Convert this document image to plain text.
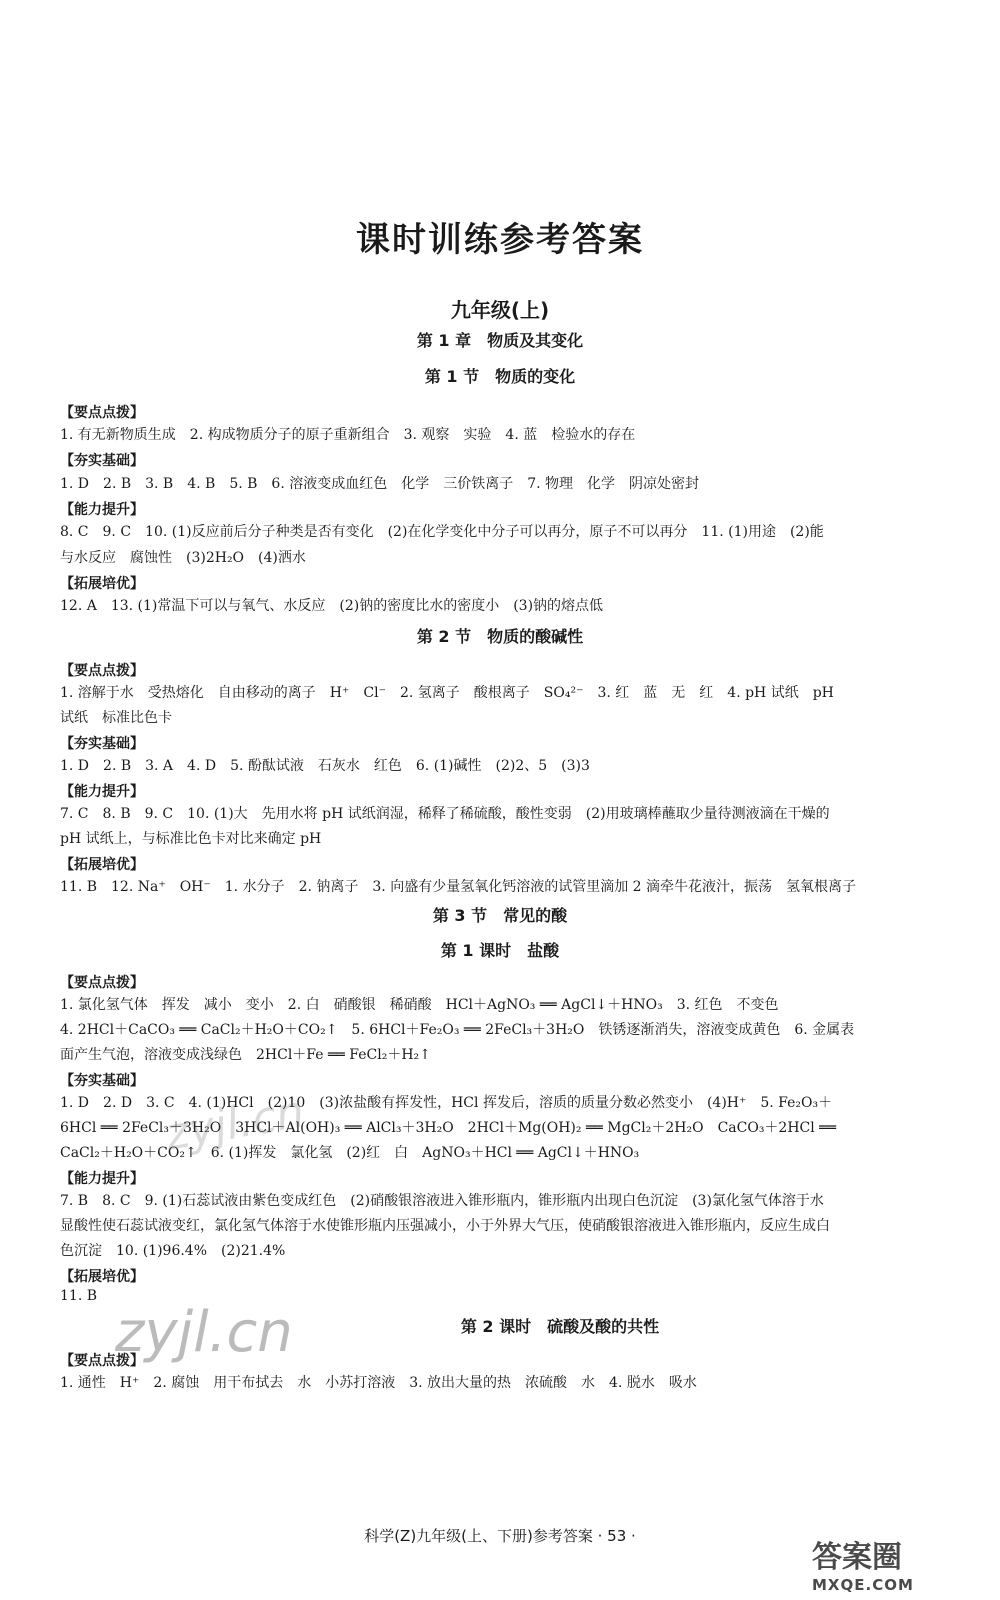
课时训练参考答案
九年级(上)
第 1 章　物质及其变化
第 1 节　物质的变化
【要点点拨】
1. 有无新物质生成　2. 构成物质分子的原子重新组合　3. 观察　实验　4. 蓝　检验水的存在
【夯实基础】
1. D　2. B　3. B　4. B　5. B　6. 溶液变成血红色　化学　三价铁离子　7. 物理　化学　阴凉处密封
【能力提升】
8. C　9. C　10. (1)反应前后分子种类是否有变化　(2)在化学变化中分子可以再分，原子不可以再分　11. (1)用途　(2)能
与水反应　腐蚀性　(3)2H₂O　(4)洒水
【拓展培优】
12. A　13. (1)常温下可以与氧气、水反应　(2)钠的密度比水的密度小　(3)钠的熔点低
第 2 节　物质的酸碱性
【要点点拨】
1. 溶解于水　受热熔化　自由移动的离子　H⁺　Cl⁻　2. 氢离子　酸根离子　SO₄²⁻　3. 红　蓝　无　红　4. pH 试纸　pH
试纸　标准比色卡
【夯实基础】
1. D　2. B　3. A　4. D　5. 酚酞试液　石灰水　红色　6. (1)碱性　(2)2、5　(3)3
【能力提升】
7. C　8. B　9. C　10. (1)大　先用水将 pH 试纸润湿，稀释了稀硫酸，酸性变弱　(2)用玻璃棒蘸取少量待测液滴在干燥的
pH 试纸上，与标准比色卡对比来确定 pH
【拓展培优】
11. B　12. Na⁺　OH⁻　1. 水分子　2. 钠离子　3. 向盛有少量氢氧化钙溶液的试管里滴加 2 滴牵牛花液汁，振荡　氢氧根离子
第 3 节　常见的酸
第 1 课时　盐酸
【要点点拨】
1. 氯化氢气体　挥发　减小　变小　2. 白　硝酸银　稀硝酸　HCl＋AgNO₃ ══ AgCl↓＋HNO₃　3. 红色　不变色
4. 2HCl＋CaCO₃ ══ CaCl₂＋H₂O＋CO₂↑　5. 6HCl＋Fe₂O₃ ══ 2FeCl₃＋3H₂O　铁锈逐渐消失，溶液变成黄色　6. 金属表
面产生气泡，溶液变成浅绿色　2HCl＋Fe ══ FeCl₂＋H₂↑
【夯实基础】
1. D　2. D　3. C　4. (1)HCl　(2)10　(3)浓盐酸有挥发性，HCl 挥发后，溶质的质量分数必然变小　(4)H⁺　5. Fe₂O₃＋
6HCl ══ 2FeCl₃＋3H₂O　3HCl＋Al(OH)₃ ══ AlCl₃＋3H₂O　2HCl＋Mg(OH)₂ ══ MgCl₂＋2H₂O　CaCO₃＋2HCl ══
CaCl₂＋H₂O＋CO₂↑　6. (1)挥发　氯化氢　(2)红　白　AgNO₃＋HCl ══ AgCl↓＋HNO₃
【能力提升】
7. B　8. C　9. (1)石蕊试液由紫色变成红色　(2)硝酸银溶液进入锥形瓶内，锥形瓶内出现白色沉淀　(3)氯化氢气体溶于水
显酸性使石蕊试液变红，氯化氢气体溶于水使锥形瓶内压强减小，小于外界大气压，使硝酸银溶液进入锥形瓶内，反应生成白
色沉淀　10. (1)96.4%　(2)21.4%
【拓展培优】
11. B
第 2 课时　硫酸及酸的共性
【要点点拨】
1. 通性　H⁺　2. 腐蚀　用干布拭去　水　小苏打溶液　3. 放出大量的热　浓硫酸　水　4. 脱水　吸水
zyjl.cn
zyjl.cn
科学(Z)九年级(上、下册)参考答案 · 53 ·
答案圈
MXQE.COM
